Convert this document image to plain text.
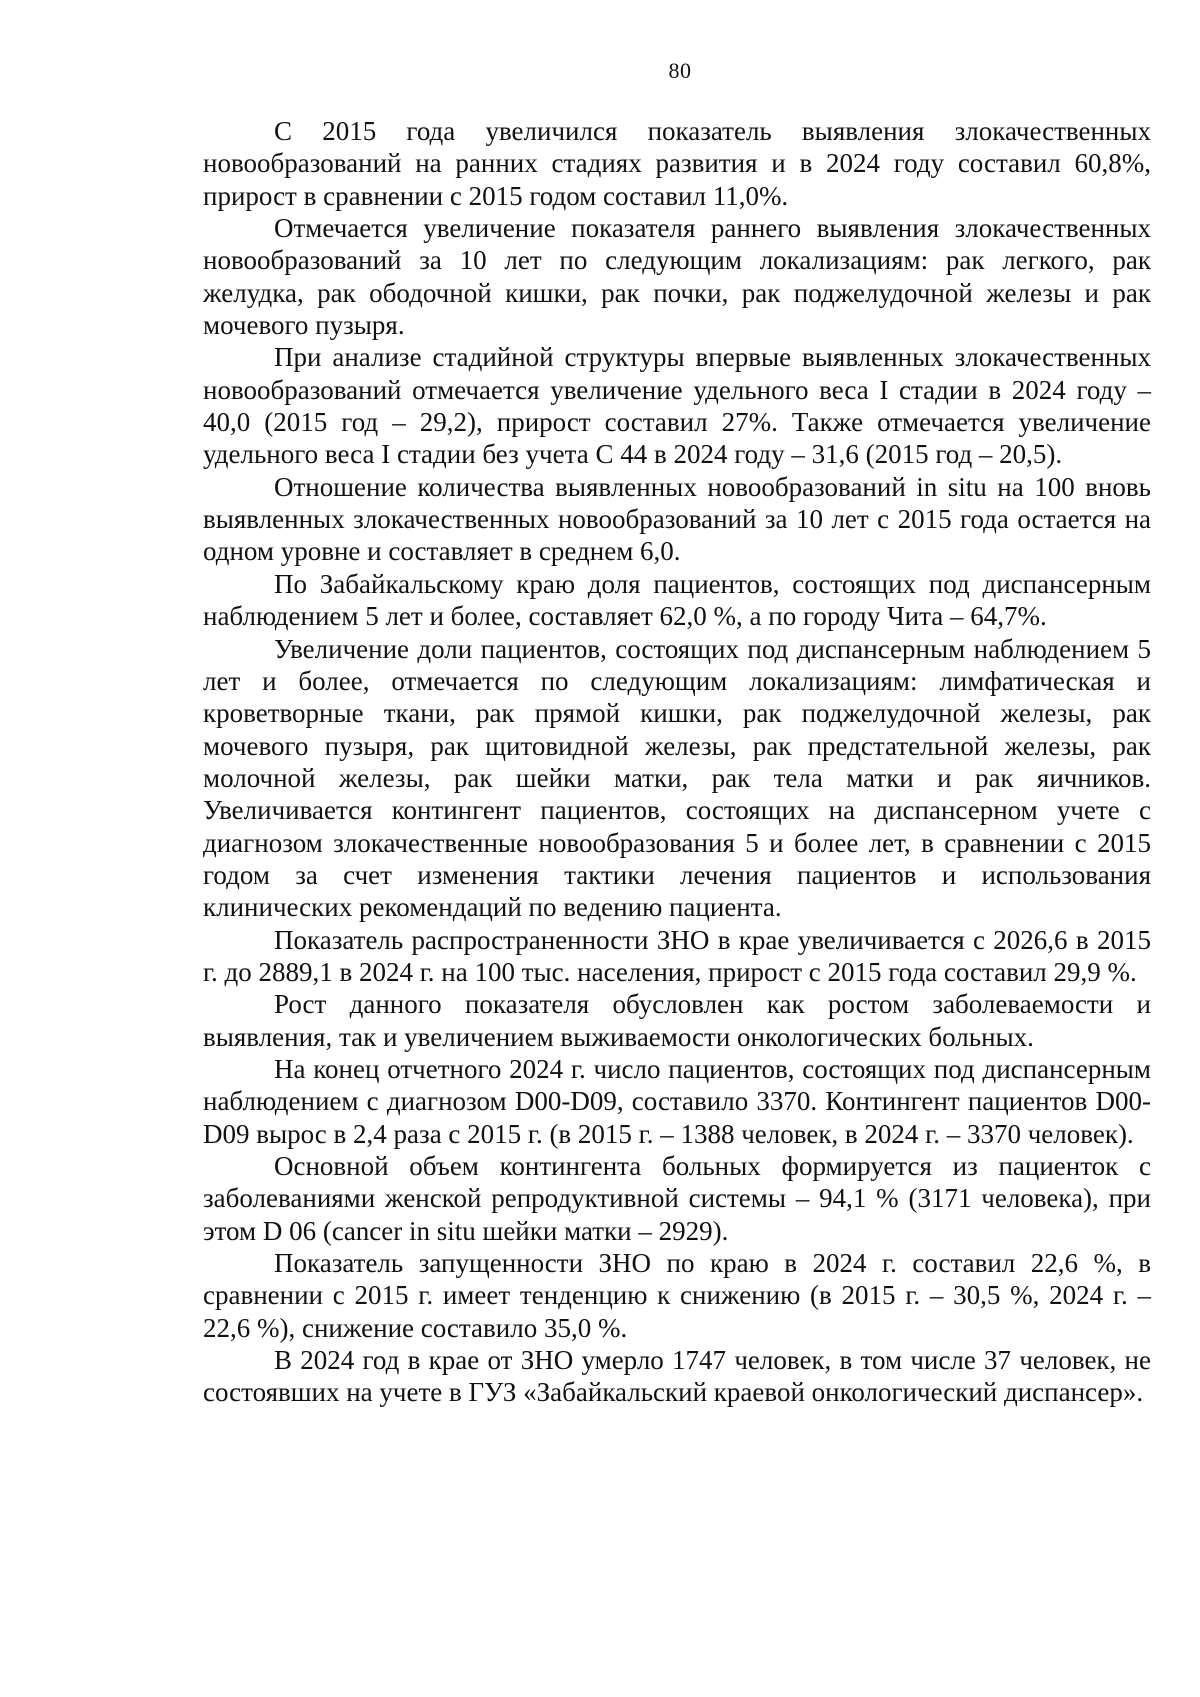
80

С 2015 года увеличился показатель выявления злокачественных новообразований на ранних стадиях развития и в 2024 году составил 60,8%, прирост в сравнении с 2015 годом составил 11,0%.

Отмечается увеличение показателя раннего выявления злокачественных новообразований за 10 лет по следующим локализациям: рак легкого, рак желудка, рак ободочной кишки, рак почки, рак поджелудочной железы и рак мочевого пузыря.

При анализе стадийной структуры впервые выявленных злокачественных новообразований отмечается увеличение удельного веса I стадии в 2024 году – 40,0 (2015 год – 29,2), прирост составил 27%. Также отмечается увеличение удельного веса I стадии без учета С 44 в 2024 году – 31,6 (2015 год – 20,5).

Отношение количества выявленных новообразований in situ на 100 вновь выявленных злокачественных новообразований за 10 лет с 2015 года остается на одном уровне и составляет в среднем 6,0.

По Забайкальскому краю доля пациентов, состоящих под диспансерным наблюдением 5 лет и более, составляет 62,0 %, а по городу Чита – 64,7%.

Увеличение доли пациентов, состоящих под диспансерным наблюдением 5 лет и более, отмечается по следующим локализациям: лимфатическая и кроветворные ткани, рак прямой кишки, рак поджелудочной железы, рак мочевого пузыря, рак щитовидной железы, рак предстательной железы, рак молочной железы, рак шейки матки, рак тела матки и рак яичников. Увеличивается контингент пациентов, состоящих на диспансерном учете с диагнозом злокачественные новообразования 5 и более лет, в сравнении с 2015 годом за счет изменения тактики лечения пациентов и использования клинических рекомендаций по ведению пациента.

Показатель распространенности ЗНО в крае увеличивается с 2026,6 в 2015 г. до 2889,1 в 2024 г. на 100 тыс. населения, прирост с 2015 года составил 29,9 %.

Рост данного показателя обусловлен как ростом заболеваемости и выявления, так и увеличением выживаемости онкологических больных.

На конец отчетного 2024 г. число пациентов, состоящих под диспансерным наблюдением с диагнозом D00-D09, составило 3370. Контингент пациентов D00-D09 вырос в 2,4 раза с 2015 г. (в 2015 г. – 1388 человек, в 2024 г. – 3370 человек).

Основной объем контингента больных формируется из пациенток с заболеваниями женской репродуктивной системы – 94,1 % (3171 человека), при этом D 06 (cancer in situ шейки матки – 2929).

Показатель запущенности ЗНО по краю в 2024 г. составил 22,6 %, в сравнении с 2015 г. имеет тенденцию к снижению (в 2015 г. – 30,5 %, 2024 г. – 22,6 %), снижение составило 35,0 %.

В 2024 год в крае от ЗНО умерло 1747 человек, в том числе 37 человек, не состоявших на учете в ГУЗ «Забайкальский краевой онкологический диспансер».
